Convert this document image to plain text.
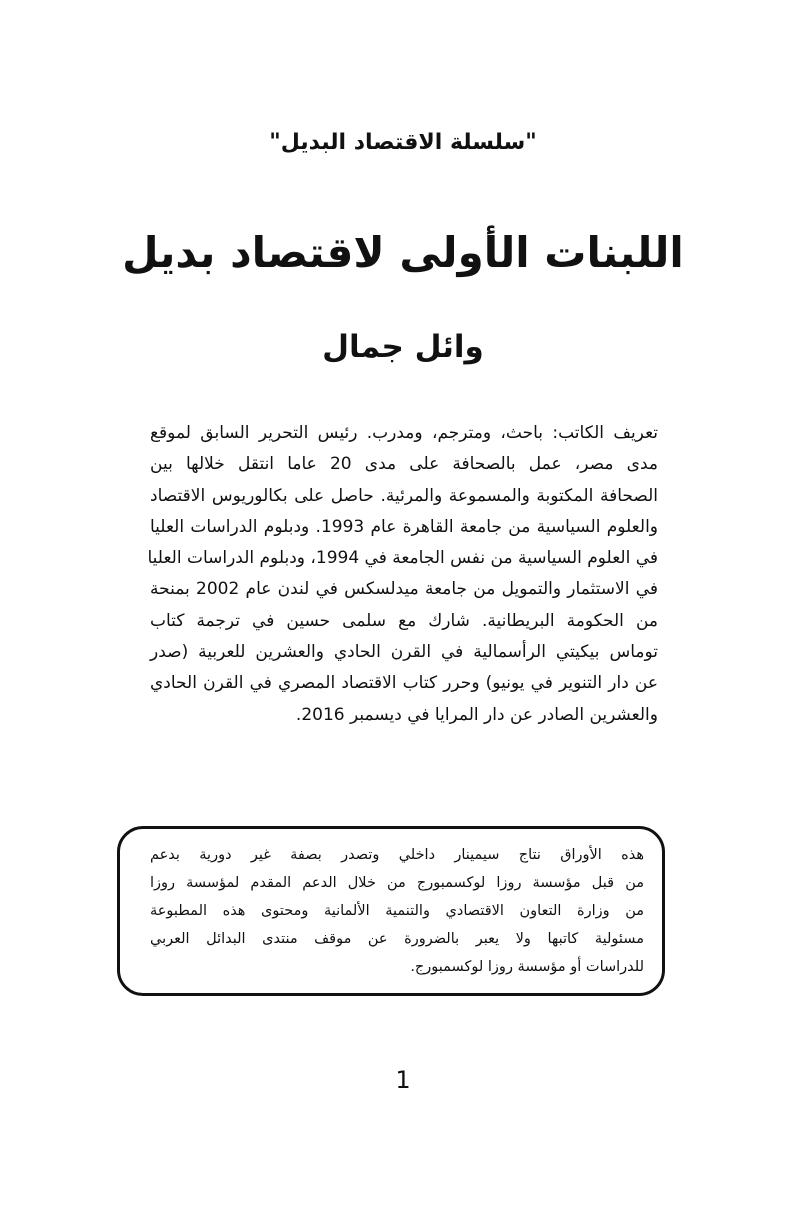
"سلسلة الاقتصاد البديل"
اللبنات الأولى لاقتصاد بديل
وائل جمال
تعريف الكاتب: باحث، ومترجم، ومدرب. رئيس التحرير السابق لموقع
مدى مصر، عمل بالصحافة على مدى 20 عاما انتقل خلالها بين
الصحافة المكتوبة والمسموعة والمرئية. حاصل على بكالوريوس الاقتصاد
والعلوم السياسية من جامعة القاهرة عام 1993. ودبلوم الدراسات العليا
في العلوم السياسية من نفس الجامعة في 1994، ودبلوم الدراسات العليا
في الاستثمار والتمويل من جامعة ميدلسكس في لندن عام 2002 بمنحة
من الحكومة البريطانية. شارك مع سلمى حسين في ترجمة كتاب
توماس بيكيتي الرأسمالية في القرن الحادي والعشرين للعربية (صدر
عن دار التنوير في يونيو) وحرر كتاب الاقتصاد المصري في القرن الحادي
والعشرين الصادر عن دار المرايا في ديسمبر 2016.
هذه الأوراق نتاج سيمينار داخلي وتصدر بصفة غير دورية بدعم
من قبل مؤسسة روزا لوكسمبورج من خلال الدعم المقدم لمؤسسة روزا
من وزارة التعاون الاقتصادي والتنمية الألمانية ومحتوى هذه المطبوعة
مسئولية كاتبها ولا يعبر بالضرورة عن موقف منتدى البدائل العربي
للدراسات أو مؤسسة روزا لوكسمبورج.
1
